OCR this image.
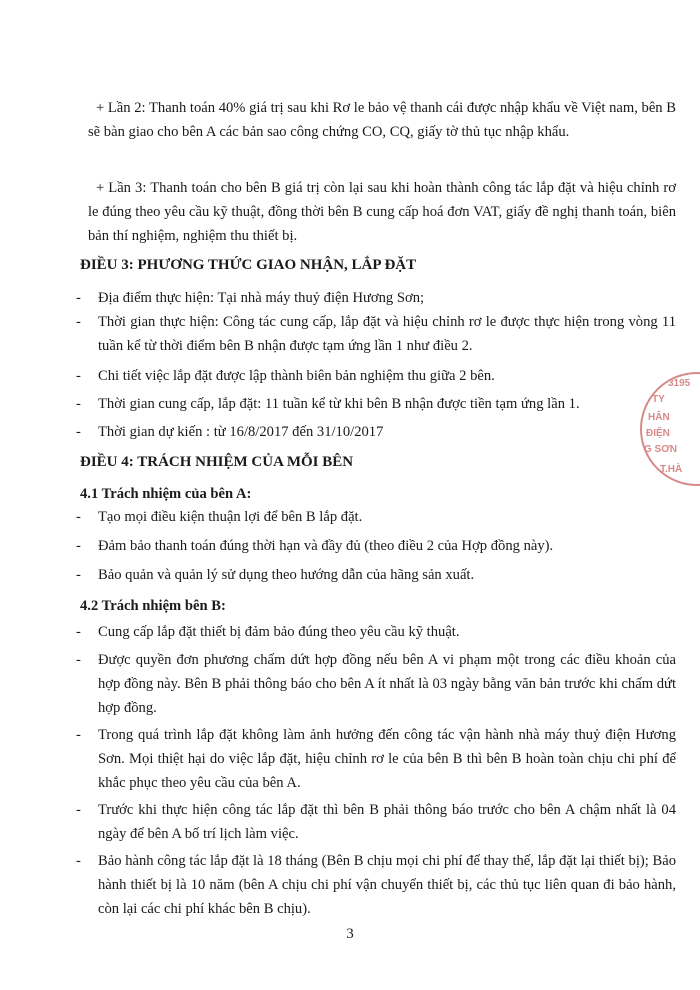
+ Lần 2: Thanh toán 40% giá trị sau khi Rơ le bảo vệ thanh cái được nhập khẩu về Việt nam, bên B sẽ bàn giao cho bên A các bản sao công chứng CO, CQ, giấy tờ thủ tục nhập khẩu.
+ Lần 3: Thanh toán cho bên B giá trị còn lại sau khi hoàn thành công tác lắp đặt và hiệu chỉnh rơ le đúng theo yêu cầu kỹ thuật, đồng thời bên B cung cấp hoá đơn VAT, giấy đề nghị thanh toán, biên bản thí nghiệm, nghiệm thu thiết bị.
ĐIỀU 3: PHƯƠNG THỨC GIAO NHẬN, LẮP ĐẶT
-	Địa điểm thực hiện: Tại nhà máy thuỷ điện Hương Sơn;
-	Thời gian thực hiện: Công tác cung cấp, lắp đặt và hiệu chỉnh rơ le được thực hiện trong vòng 11 tuần kể từ thời điểm bên B nhận được tạm ứng lần 1 như điều 2.
-	Chi tiết việc lắp đặt được lập thành biên bản nghiệm thu giữa 2 bên.
-	Thời gian cung cấp, lắp đặt: 11 tuần kể từ khi bên B nhận được tiền tạm ứng lần 1.
-	Thời gian dự kiến : từ 16/8/2017 đến 31/10/2017
ĐIỀU 4: TRÁCH NHIỆM CỦA MỖI BÊN
4.1 Trách nhiệm của bên A:
-	Tạo mọi điều kiện thuận lợi để bên B lắp đặt.
-	Đảm bảo thanh toán đúng thời hạn và đầy đủ (theo điều 2 của Hợp đồng này).
-	Bảo quản và quản lý sử dụng theo hướng dẫn của hãng sản xuất.
4.2 Trách nhiệm bên B:
-	Cung cấp lắp đặt thiết bị đảm bảo đúng theo yêu cầu kỹ thuật.
-	Được quyền đơn phương chấm dứt hợp đồng nếu bên A vi phạm một trong các điều khoản của hợp đồng này. Bên B phải thông báo cho bên A ít nhất là 03 ngày bằng văn bản trước khi chấm dứt hợp đồng.
-	Trong quá trình lắp đặt không làm ảnh hưởng đến công tác vận hành nhà máy thuỷ điện Hương Sơn. Mọi thiệt hại do việc lắp đặt, hiệu chỉnh rơ le của bên B thì bên B hoàn toàn chịu chi phí để khắc phục theo yêu cầu của bên A.
-	Trước khi thực hiện công tác lắp đặt thì bên B phải thông báo trước cho bên A chậm nhất là 04 ngày để bên A bố trí lịch làm việc.
-	Bảo hành công tác lắp đặt là 18 tháng (Bên B chịu mọi chi phí để thay thế, lắp đặt lại thiết bị); Bảo hành thiết bị là 10 năm (bên A chịu chi phí vận chuyển thiết bị, các thủ tục liên quan đi bảo hành, còn lại các chi phí khác bên B chịu).
3
3195
TY
HÂN
ĐIỆN
G SƠN
T.HÀ
